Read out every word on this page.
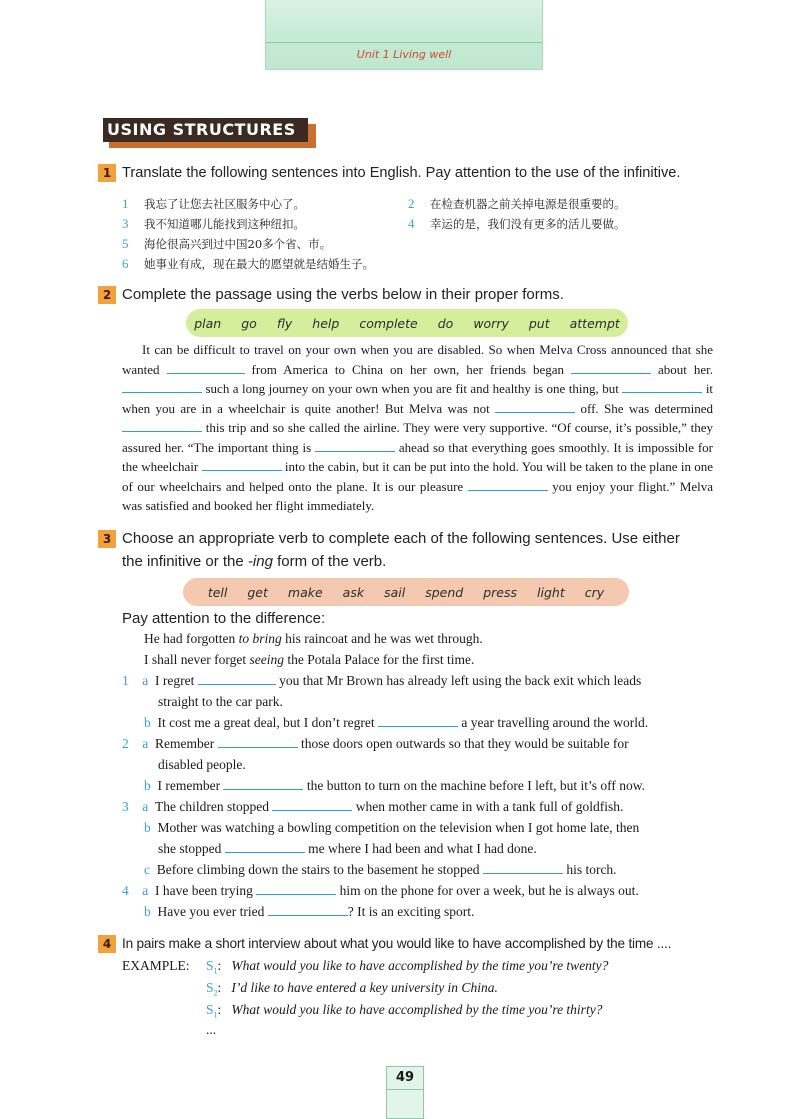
Unit 1 Living well
USING STRUCTURES
1 Translate the following sentences into English. Pay attention to the use of the infinitive.
1 我忘了让您去社区服务中心了。	2 在检查机器之前关掉电源是很重要的。
3 我不知道哪儿能找到这种纽扣。	4 幸运的是，我们没有更多的活儿要做。
5 海伦很高兴到过中国20多个省、市。
6 她事业有成，现在最大的愿望就是结婚生子。
2 Complete the passage using the verbs below in their proper forms.
plan go fly help complete do worry put attempt
It can be difficult to travel on your own when you are disabled. So when Melva Cross announced that she wanted	from America to China on her own, her friends began	about her.  such a long journey on your own when you are fit and healthy is one thing, but	it when you are in a wheelchair is quite another! But Melva was not	off. She was determined  this trip and so she called the airline. They were very supportive. “Of course, it’s possible,” they assured her. “The important thing is	ahead so that everything goes smoothly. It is impossible for the wheelchair	into the cabin, but it can be put into the hold. You will be taken to the plane in one of our wheelchairs and helped onto the plane. It is our pleasure	you enjoy your flight.” Melva was satisfied and booked her flight immediately.
3 Choose an appropriate verb to complete each of the following sentences. Use either
the infinitive or the -ing form of the verb.
tell get make ask sail spend press light cry
Pay attention to the difference:
He had forgotten to bring his raincoat and he was wet through.
I shall never forget seeing the Potala Palace for the first time.
1 a I regret	you that Mr Brown has already left using the back exit which leads
straight to the car park.
b It cost me a great deal, but I don’t regret	a year travelling around the world.
2 a Remember	those doors open outwards so that they would be suitable for
disabled people.
b I remember	the button to turn on the machine before I left, but it’s off now.
3 a The children stopped	when mother came in with a tank full of goldfish.
b Mother was watching a bowling competition on the television when I got home late, then
she stopped	me where I had been and what I had done.
c Before climbing down the stairs to the basement he stopped	his torch.
4 a I have been trying	him on the phone for over a week, but he is always out.
b Have you ever tried	? It is an exciting sport.
4 In pairs make a short interview about what you would like to have accomplished by the time ....
EXAMPLE: $S_1$:   What would you like to have accomplished by the time you’re twenty?
$S_2$:   I’d like to have entered a key university in China.
$S_1$:   What would you like to have accomplished by the time you’re thirty?
...
49
